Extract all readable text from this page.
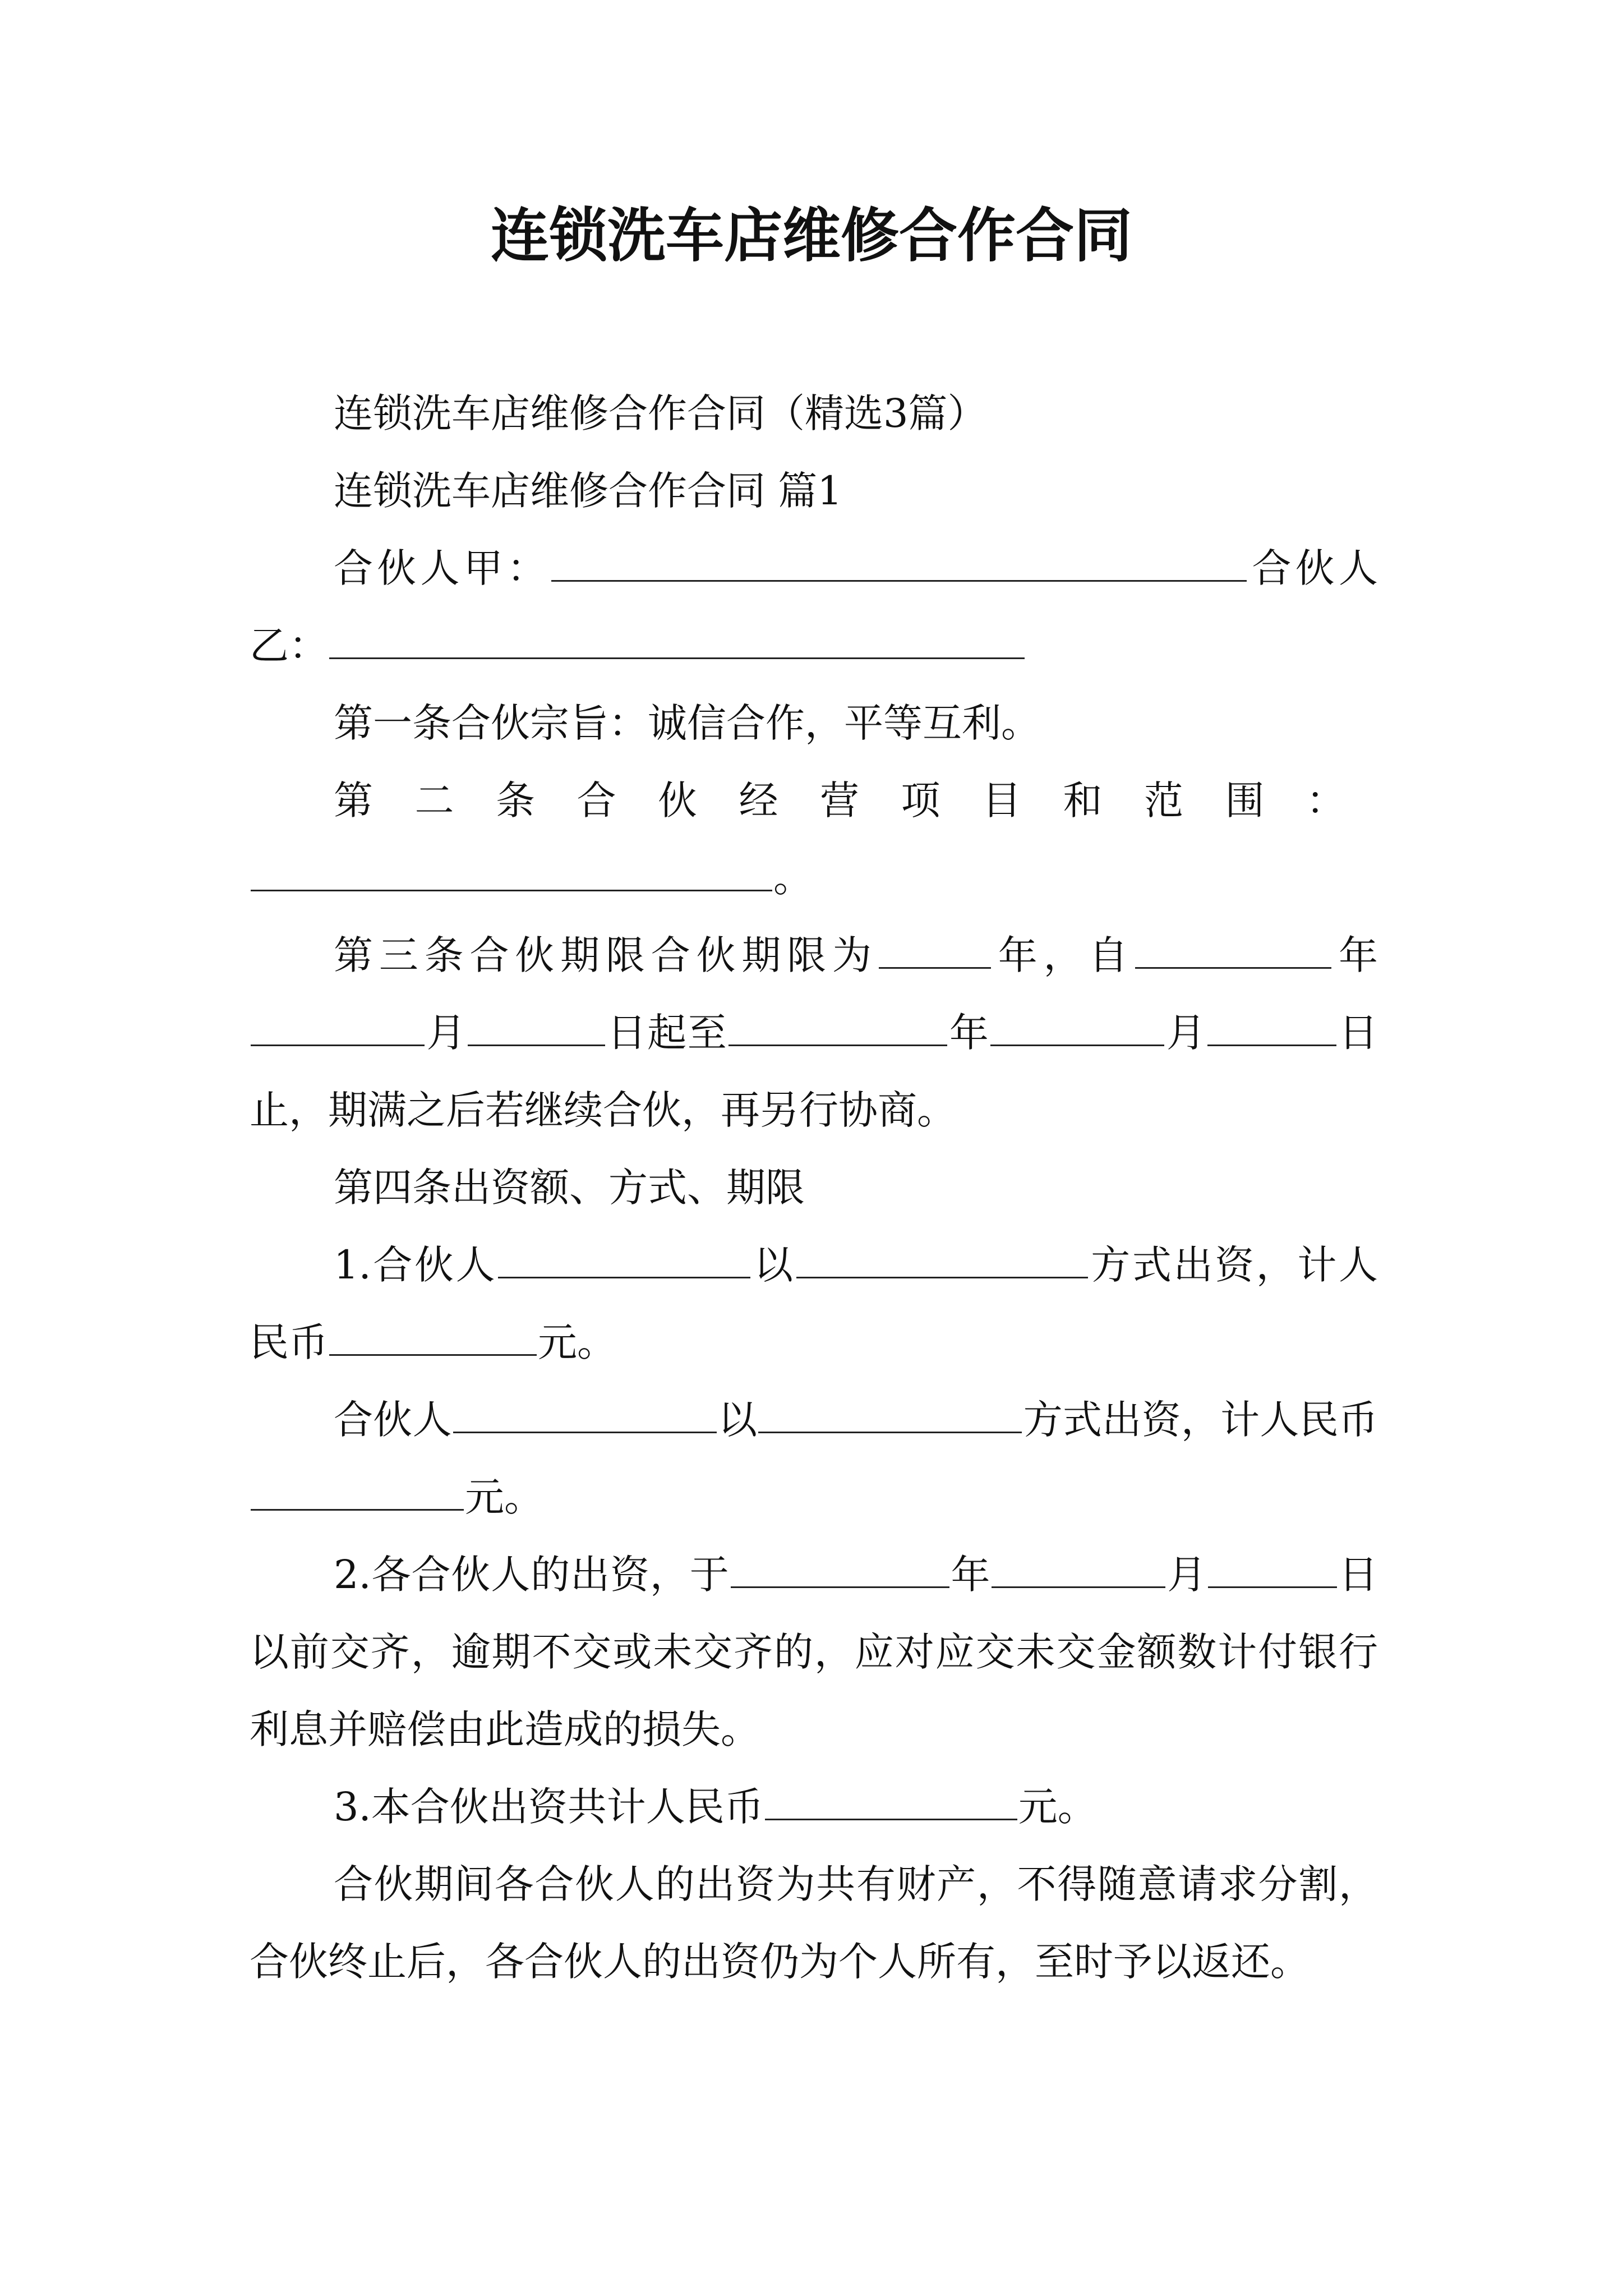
连锁洗车店维修合作合同

连锁洗车店维修合作合同（精选3篇）

连锁洗车店维修合作合同 篇1

合伙人甲：	合伙人乙：

第一条合伙宗旨：诚信合作，平等互利。

第二条合伙经营项目和范围：

。

第三条合伙期限合伙期限为	年，自	年月	日起至	年	月	日止，期满之后若继续合伙，再另行协商。

第四条出资额、方式、期限

1.合伙人	以	方式出资，计人民币	元。

合伙人	以	方式出资，计人民币元。

2.各合伙人的出资，于	年	月	日以前交齐，逾期不交或未交齐的，应对应交未交金额数计付银行利息并赔偿由此造成的损失。

3.本合伙出资共计人民币	元。

合伙期间各合伙人的出资为共有财产，不得随意请求分割，合伙终止后，各合伙人的出资仍为个人所有，至时予以返还。
